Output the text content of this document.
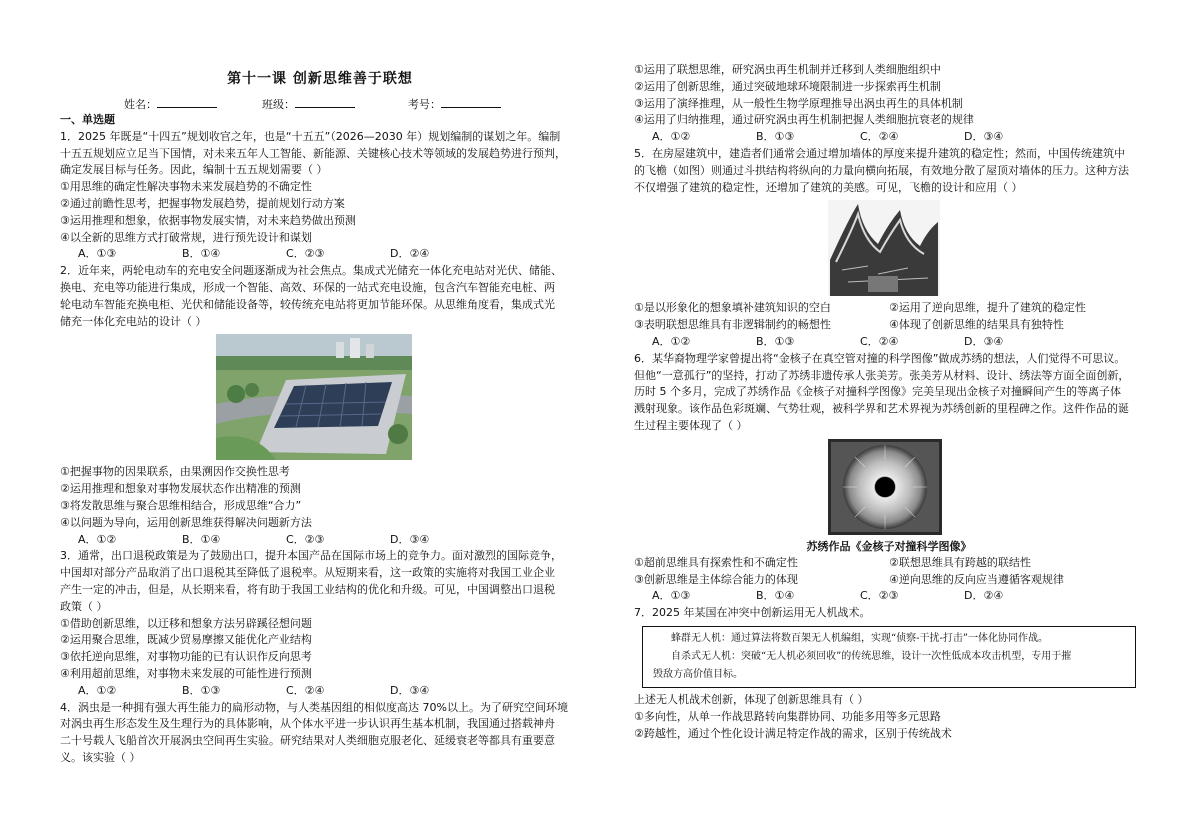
第十一课 创新思维善于联想
姓名：	班级：	考号：
一、单选题
1．2025 年既是“十四五”规划收官之年，也是“十五五”（2026—2030 年）规划编制的谋划之年。编制
十五五规划应立足当下国情，对未来五年人工智能、新能源、关键核心技术等领域的发展趋势进行预判，
确定发展目标与任务。因此，编制十五五规划需要（ ）
①用思维的确定性解决事物未来发展趋势的不确定性
②通过前瞻性思考，把握事物发展趋势，提前规划行动方案
③运用推理和想象，依据事物发展实情，对未来趋势做出预测
④以全新的思维方式打破常规，进行预先设计和谋划
A．①③	B．①④	C．②③	D．②④
2．近年来，两轮电动车的充电安全问题逐渐成为社会焦点。集成式光储充一体化充电站对光伏、储能、
换电、充电等功能进行集成，形成一个智能、高效、环保的一站式充电设施，包含汽车智能充电桩、两
轮电动车智能充换电柜、光伏和储能设备等，较传统充电站将更加节能环保。从思维角度看，集成式光
储充一体化充电站的设计（ ）
①把握事物的因果联系，由果溯因作交换性思考
②运用推理和想象对事物发展状态作出精准的预测
③将发散思维与聚合思维相结合，形成思维“合力”
④以问题为导向，运用创新思维获得解决问题新方法
A．①②	B．①④	C．②③	D．③④
3．通常，出口退税政策是为了鼓励出口，提升本国产品在国际市场上的竞争力。面对激烈的国际竞争，
中国却对部分产品取消了出口退税其至降低了退税率。从短期来看，这一政策的实施将对我国工业企业
产生一定的冲击，但是，从长期来看，将有助于我国工业结构的优化和升级。可见，中国调整出口退税
政策（ ）
①借助创新思维，以迂移和想象方法另辟蹊径想问题
②运用聚合思维，既减少贸易摩擦又能优化产业结构
③依托逆向思维，对事物功能的已有认识作反向思考
④利用超前思维，对事物未来发展的可能性进行预测
A．①②	B．①③	C．②④	D．③④
4．涡虫是一种拥有强大再生能力的扁形动物，与人类基因组的相似度高达 70%以上。为了研究空间环境
对涡虫再生形态发生及生理行为的具体影响，从个体水平进一步认识再生基本机制，我国通过搭载神舟
二十号载人飞船首次开展涡虫空间再生实验。研究结果对人类细胞克服老化、延缓衰老等都具有重要意
义。该实验（ ）
①运用了联想思维，研究涡虫再生机制并迁移到人类细胞组织中
②运用了创新思维，通过突破地球环境限制进一步探索再生机制
③运用了演绎推理，从一般性生物学原理推导出涡虫再生的具体机制
④运用了归纳推理，通过研究涡虫再生机制把握人类细胞抗衰老的规律
A．①②	B．①③	C．②④	D．③④
5．在房屋建筑中，建造者们通常会通过增加墙体的厚度来提升建筑的稳定性；然而，中国传统建筑中
的飞檐（如图）则通过斗拱结构将纵向的力量向横向拓展，有效地分散了屋顶对墙体的压力。这种方法
不仅增强了建筑的稳定性，还增加了建筑的美感。可见，飞檐的设计和应用（ ）
①是以形象化的想象填补建筑知识的空白	②运用了逆向思维，提升了建筑的稳定性
③表明联想思维具有非逻辑制约的畅想性	④体现了创新思维的结果具有独特性
A．①②	B．①③	C．②④	D．③④
6．某华裔物理学家曾提出将“金核子在真空管对撞的科学图像”做成苏绣的想法，人们觉得不可思议。
但他“一意孤行”的坚持，打动了苏绣非遗传承人张美芳。张美芳从材料、设计、绣法等方面全面创新，
历时 5 个多月，完成了苏绣作品《金核子对撞科学图像》完美呈现出金核子对撞瞬间产生的等离子体
溅射现象。该作品色彩斑斓、气势壮观，被科学界和艺术界视为苏绣创新的里程碑之作。这件作品的诞
生过程主要体现了（ ）
苏绣作品《金核子对撞科学图像》
①超前思维具有探索性和不确定性	②联想思维具有跨越的联结性
③创新思维是主体综合能力的体现	④逆向思维的反向应当遵循客观规律
A．①③	B．①④	C．②③	D．②④
7．2025 年某国在冲突中创新运用无人机战术。
蜂群无人机：通过算法将数百架无人机编组，实现“侦察-干扰-打击”一体化协同作战。
自杀式无人机：突破“无人机必须回收”的传统思维，设计一次性低成本攻击机型，专用于摧
毁敌方高价值目标。
上述无人机战术创新，体现了创新思维具有（ ）
①多向性，从单一作战思路转向集群协同、功能多用等多元思路
②跨越性，通过个性化设计满足特定作战的需求，区别于传统战术
